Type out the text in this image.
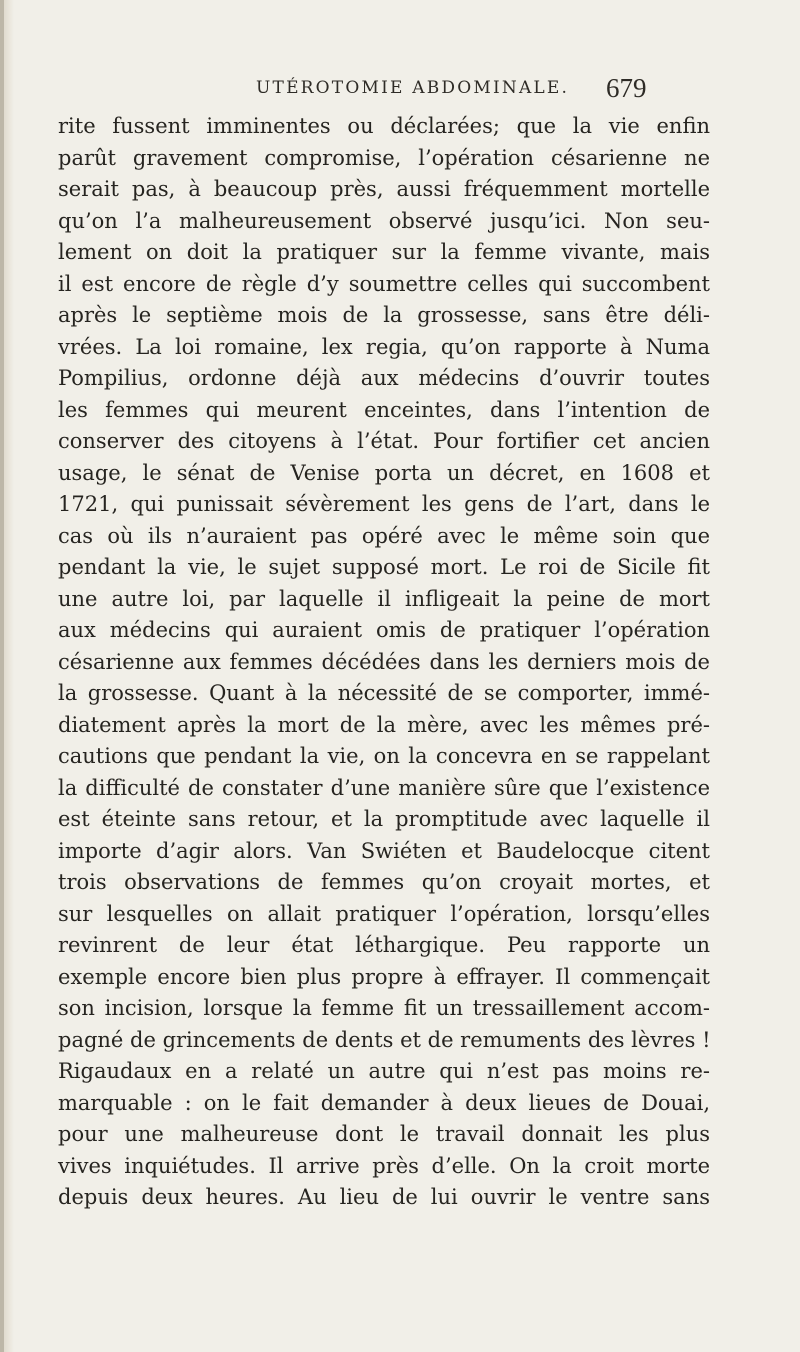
UTÉROTOMIE ABDOMINALE. 679
rite fussent imminentes ou déclarées; que la vie enfin
parût gravement compromise, l’opération césarienne ne
serait pas, à beaucoup près, aussi fréquemment mortelle
qu’on l’a malheureusement observé jusqu’ici. Non seu-
lement on doit la pratiquer sur la femme vivante, mais
il est encore de règle d’y soumettre celles qui succombent
après le septième mois de la grossesse, sans être déli-
vrées. La loi romaine, lex regia, qu’on rapporte à Numa
Pompilius, ordonne déjà aux médecins d’ouvrir toutes
les femmes qui meurent enceintes, dans l’intention de
conserver des citoyens à l’état. Pour fortifier cet ancien
usage, le sénat de Venise porta un décret, en 1608 et
1721, qui punissait sévèrement les gens de l’art, dans le
cas où ils n’auraient pas opéré avec le même soin que
pendant la vie, le sujet supposé mort. Le roi de Sicile fit
une autre loi, par laquelle il infligeait la peine de mort
aux médecins qui auraient omis de pratiquer l’opération
césarienne aux femmes décédées dans les derniers mois de
la grossesse. Quant à la nécessité de se comporter, immé-
diatement après la mort de la mère, avec les mêmes pré-
cautions que pendant la vie, on la concevra en se rappelant
la difficulté de constater d’une manière sûre que l’existence
est éteinte sans retour, et la promptitude avec laquelle il
importe d’agir alors. Van Swiéten et Baudelocque citent
trois observations de femmes qu’on croyait mortes, et
sur lesquelles on allait pratiquer l’opération, lorsqu’elles
revinrent de leur état léthargique. Peu rapporte un
exemple encore bien plus propre à effrayer. Il commençait
son incision, lorsque la femme fit un tressaillement accom-
pagné de grincements de dents et de remuments des lèvres !
Rigaudaux en a relaté un autre qui n’est pas moins re-
marquable : on le fait demander à deux lieues de Douai,
pour une malheureuse dont le travail donnait les plus
vives inquiétudes. Il arrive près d’elle. On la croit morte
depuis deux heures. Au lieu de lui ouvrir le ventre sans
